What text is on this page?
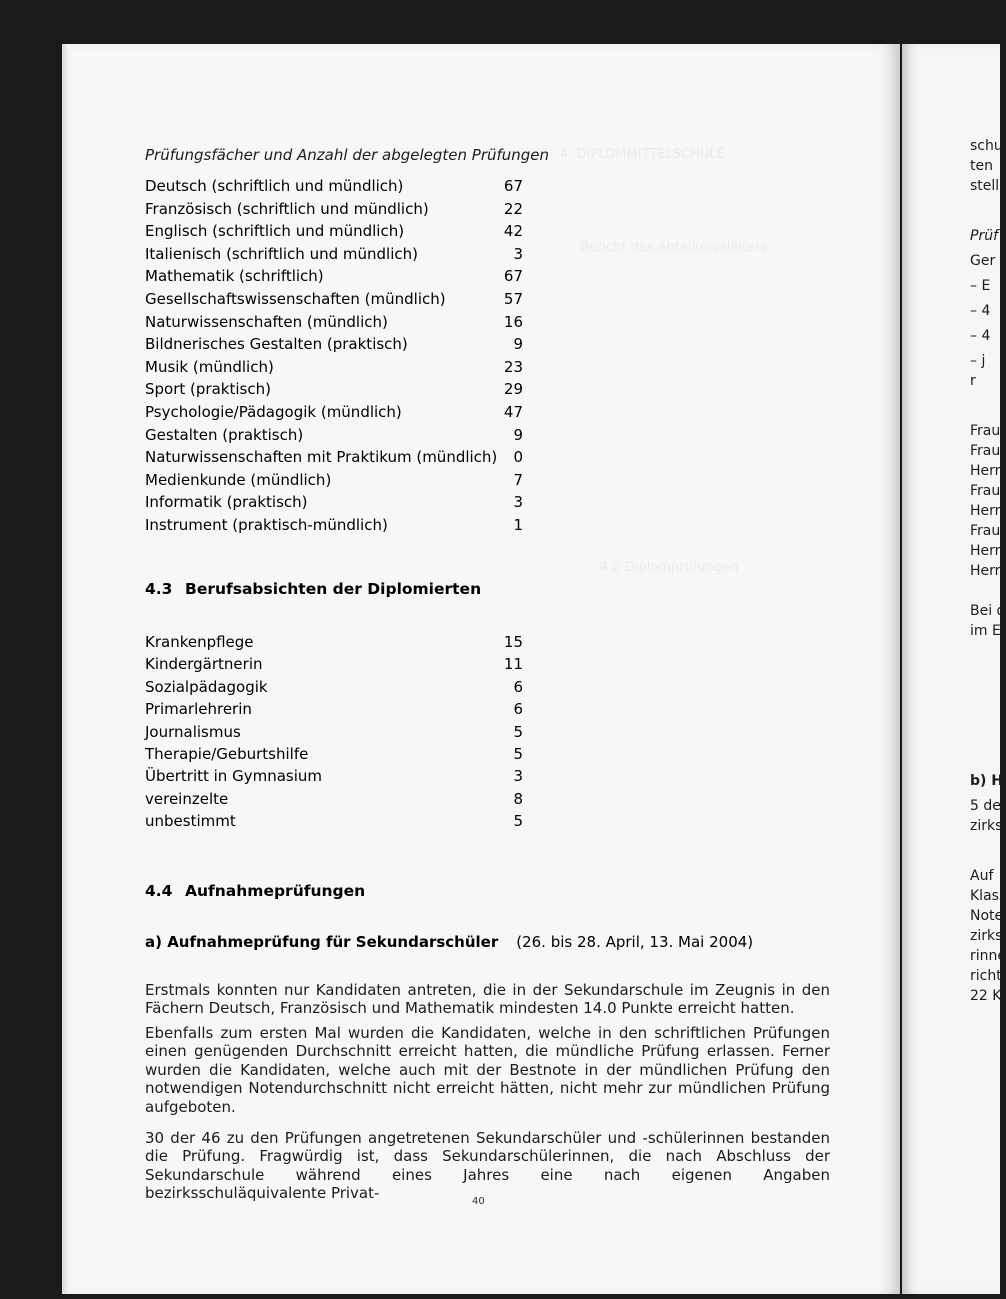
4. DIPLOMMITTELSCHULE
Bericht des Abteilungsleiters
4.2 Diplomprüfungen
Prüfungsfächer und Anzahl der abgelegten Prüfungen
Deutsch (schriftlich und mündlich)	67
Französisch (schriftlich und mündlich)	22
Englisch (schriftlich und mündlich)	42
Italienisch (schriftlich und mündlich)	3
Mathematik (schriftlich)	67
Gesellschaftswissenschaften (mündlich)	57
Naturwissenschaften (mündlich)	16
Bildnerisches Gestalten (praktisch)	9
Musik (mündlich)	23
Sport (praktisch)	29
Psychologie/Pädagogik (mündlich)	47
Gestalten (praktisch)	9
Naturwissenschaften mit Praktikum (mündlich)	0
Medienkunde (mündlich)	7
Informatik (praktisch)	3
Instrument (praktisch-mündlich)	1
4.3 Berufsabsichten der Diplomierten
Krankenpflege	15
Kindergärtnerin	11
Sozialpädagogik	6
Primarlehrerin	6
Journalismus	5
Therapie/Geburtshilfe	5
Übertritt in Gymnasium	3
vereinzelte	8
unbestimmt	5
4.4 Aufnahmeprüfungen
a) Aufnahmeprüfung für Sekundarschüler (26. bis 28. April, 13. Mai 2004)
Erstmals konnten nur Kandidaten antreten, die in der Sekundarschule im Zeugnis in den Fächern Deutsch, Französisch und Mathematik mindesten 14.0 Punkte erreicht hatten.
Ebenfalls zum ersten Mal wurden die Kandidaten, welche in den schriftlichen Prüfungen einen genügenden Durchschnitt erreicht hatten, die mündliche Prüfung erlassen. Ferner wurden die Kandidaten, welche auch mit der Bestnote in der mündlichen Prüfung den notwendigen Notendurchschnitt nicht erreicht hätten, nicht mehr zur mündlichen Prüfung aufgeboten.
30 der 46 zu den Prüfungen angetretenen Sekundarschüler und -schülerinnen bestanden die Prüfung. Fragwürdig ist, dass Sekundarschülerinnen, die nach Abschluss der Sekundarschule während eines Jahres eine nach eigenen Angaben bezirksschuläquivalente Privat-	40
schu
ten
stell
Prüf
Ger
– E
– 4
– 4
– j
r
Frau
Frau
Herr
Frau
Herr
Frau
Herr
Herr
Bei d
im E
b) H
5 de
zirks
Auf
Klass
Note
zirks
rinne
richt
22 K
